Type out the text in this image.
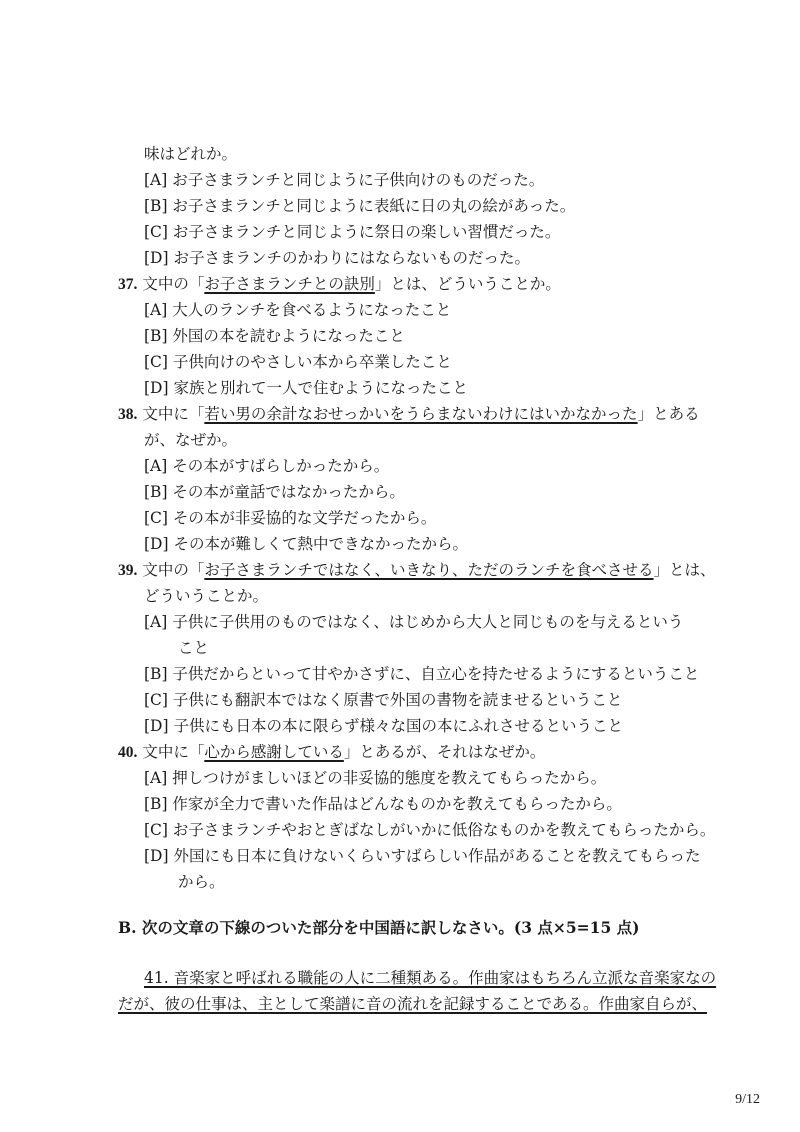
味はどれか。
[A] お子さまランチと同じように子供向けのものだった。
[B] お子さまランチと同じように表紙に日の丸の絵があった。
[C] お子さまランチと同じように祭日の楽しい習慣だった。
[D] お子さまランチのかわりにはならないものだった。
37. 文中の「お子さまランチとの訣別」とは、どういうことか。
[A] 大人のランチを食べるようになったこと
[B] 外国の本を読むようになったこと
[C] 子供向けのやさしい本から卒業したこと
[D] 家族と別れて一人で住むようになったこと
38. 文中に「若い男の余計なおせっかいをうらまないわけにはいかなかった」とある
が、なぜか。
[A] その本がすばらしかったから。
[B] その本が童話ではなかったから。
[C] その本が非妥協的な文学だったから。
[D] その本が難しくて熱中できなかったから。
39. 文中の「お子さまランチではなく、いきなり、ただのランチを食べさせる」とは、
どういうことか。
[A] 子供に子供用のものではなく、はじめから大人と同じものを与えるという
こと
[B] 子供だからといって甘やかさずに、自立心を持たせるようにするということ
[C] 子供にも翻訳本ではなく原書で外国の書物を読ませるということ
[D] 子供にも日本の本に限らず様々な国の本にふれさせるということ
40. 文中に「心から感謝している」とあるが、それはなぜか。
[A] 押しつけがましいほどの非妥協的態度を教えてもらったから。
[B] 作家が全力で書いた作品はどんなものかを教えてもらったから。
[C] お子さまランチやおとぎばなしがいかに低俗なものかを教えてもらったから。
[D] 外国にも日本に負けないくらいすばらしい作品があることを教えてもらった
から。
B. 次の文章の下線のついた部分を中国語に訳しなさい。(3 点×5=15 点)
41. 音楽家と呼ばれる職能の人に二種類ある。作曲家はもちろん立派な音楽家なの
だが、彼の仕事は、主として楽譜に音の流れを記録することである。作曲家自らが、
9/12
